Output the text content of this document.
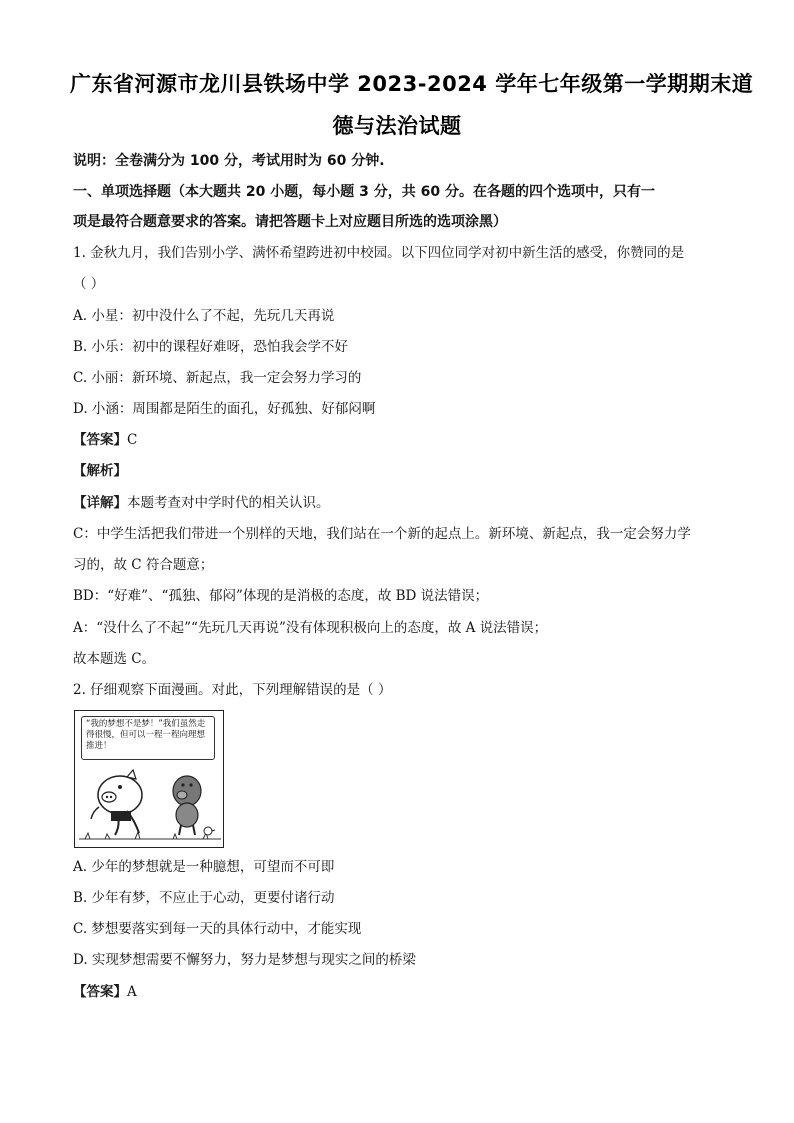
广东省河源市龙川县铁场中学 2023-2024 学年七年级第一学期期末道
德与法治试题
说明：全卷满分为 100 分，考试用时为 60 分钟.
一、单项选择题（本大题共 20 小题，每小题 3 分，共 60 分。在各题的四个选项中，只有一
项是最符合题意要求的答案。请把答题卡上对应题目所选的选项涂黑）
1. 金秋九月，我们告别小学、满怀希望跨进初中校园。以下四位同学对初中新生活的感受，你赞同的是
（ ）
A. 小星：初中没什么了不起，先玩几天再说
B. 小乐：初中的课程好难呀，恐怕我会学不好
C. 小丽：新环境、新起点，我一定会努力学习的
D. 小涵：周围都是陌生的面孔，好孤独、好郁闷啊
【答案】C
【解析】
【详解】本题考查对中学时代的相关认识。
C：中学生活把我们带进一个别样的天地，我们站在一个新的起点上。新环境、新起点，我一定会努力学
习的，故 C 符合题意；
BD：“好难”、“孤独、郁闷”体现的是消极的态度，故 BD 说法错误；
A：“没什么了不起”“先玩几天再说”没有体现积极向上的态度，故 A 说法错误；
故本题选 C。
2. 仔细观察下面漫画。对此，下列理解错误的是（ ）
“我的梦想不是梦！”我们虽然走得很慢，但可以一程一程向理想推进！
A. 少年的梦想就是一种臆想，可望而不可即
B. 少年有梦，不应止于心动，更要付诸行动
C. 梦想要落实到每一天的具体行动中，才能实现
D. 实现梦想需要不懈努力，努力是梦想与现实之间的桥梁
【答案】A
